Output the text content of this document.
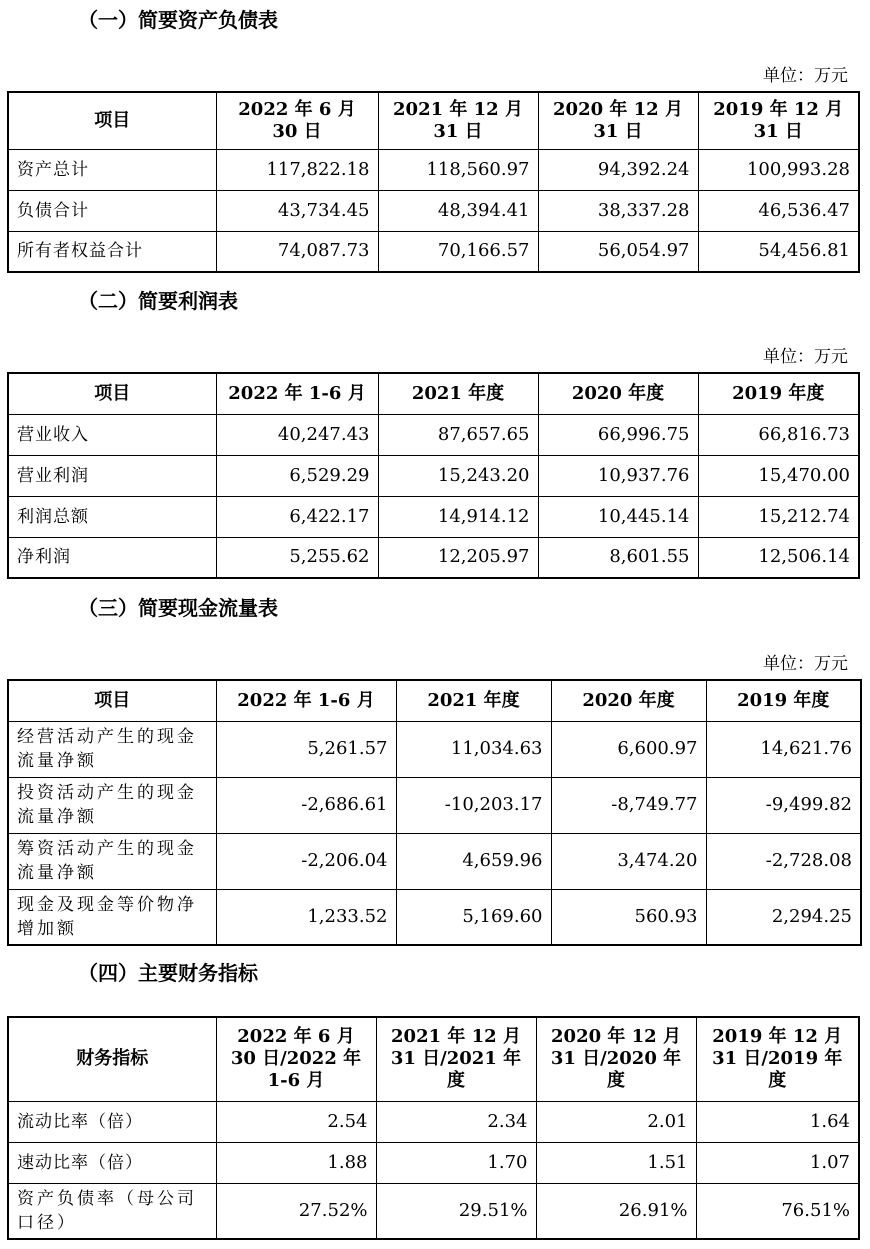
（一）简要资产负债表
单位：万元
项目	2022 年 6 月 30 日	2021 年 12 月 31 日	2020 年 12 月 31 日	2019 年 12 月 31 日
资产总计	117,822.18	118,560.97	94,392.24	100,993.28
负债合计	43,734.45	48,394.41	38,337.28	46,536.47
所有者权益合计	74,087.73	70,166.57	56,054.97	54,456.81
（二）简要利润表
单位：万元
项目	2022 年 1-6 月	2021 年度	2020 年度	2019 年度
营业收入	40,247.43	87,657.65	66,996.75	66,816.73
营业利润	6,529.29	15,243.20	10,937.76	15,470.00
利润总额	6,422.17	14,914.12	10,445.14	15,212.74
净利润	5,255.62	12,205.97	8,601.55	12,506.14
（三）简要现金流量表
单位：万元
项目	2022 年 1-6 月	2021 年度	2020 年度	2019 年度
经营活动产生的现金流量净额	5,261.57	11,034.63	6,600.97	14,621.76
投资活动产生的现金流量净额	-2,686.61	-10,203.17	-8,749.77	-9,499.82
筹资活动产生的现金流量净额	-2,206.04	4,659.96	3,474.20	-2,728.08
现金及现金等价物净增加额	1,233.52	5,169.60	560.93	2,294.25
（四）主要财务指标
财务指标	2022 年 6 月 30 日/2022 年 1-6 月	2021 年 12 月 31 日/2021 年度	2020 年 12 月 31 日/2020 年度	2019 年 12 月 31 日/2019 年度
流动比率（倍）	2.54	2.34	2.01	1.64
速动比率（倍）	1.88	1.70	1.51	1.07
资产负债率（母公司口径）	27.52%	29.51%	26.91%	76.51%
